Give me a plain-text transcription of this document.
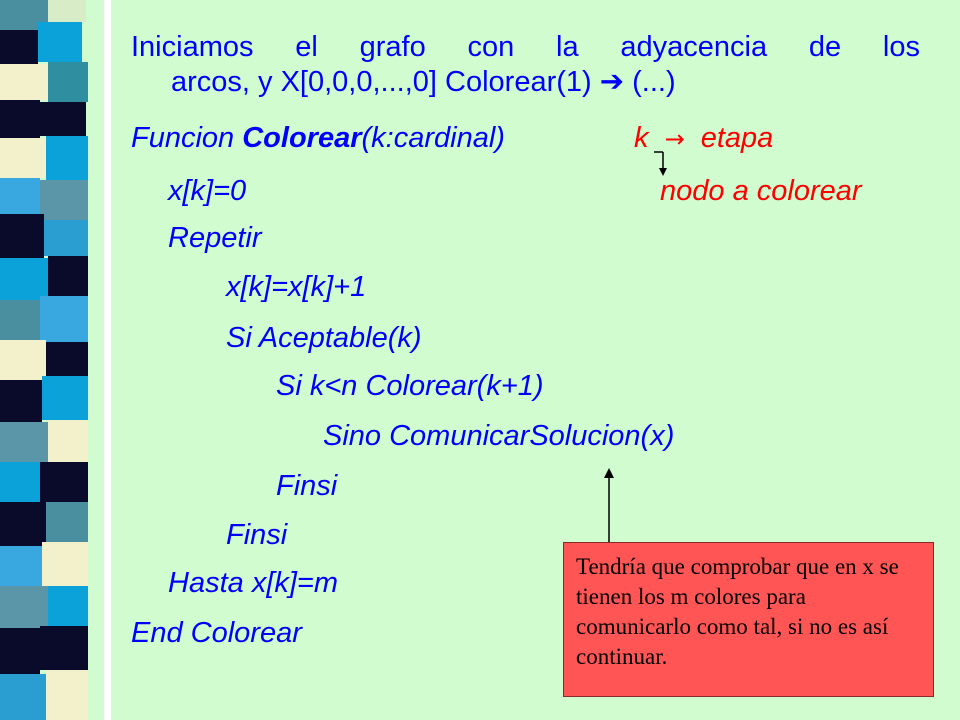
Iniciamos el grafo con la adyacencia de los
arcos, y X[0,0,0,...,0] Colorear(1) ➔ (...)
Funcion Colorear(k:cardinal)	k → etapa
x[k]=0	nodo a colorear
Repetir
x[k]=x[k]+1
Si Aceptable(k)
Si k<n Colorear(k+1)
Sino ComunicarSolucion(x)
Finsi
Finsi
Hasta x[k]=m
End Colorear
Tendría que comprobar que en x se tienen los m colores para comunicarlo como tal, si no es así continuar.
